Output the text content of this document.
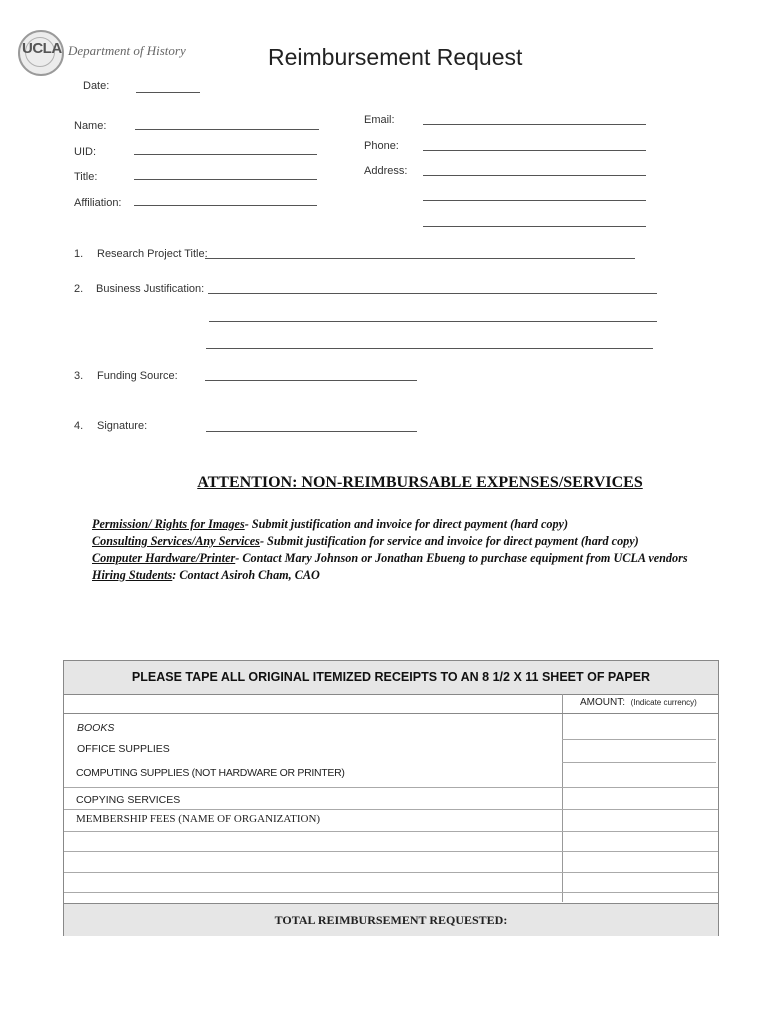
UCLA Department of History	Reimbursement Request
Date:
Name:
UID:
Title:
Affiliation:
Email:
Phone:
Address:
1. Research Project Title:
2. Business Justification:
3. Funding Source:
4. Signature:
ATTENTION: NON-REIMBURSABLE EXPENSES/SERVICES
Permission/ Rights for Images- Submit justification and invoice for direct payment (hard copy)
Consulting Services/Any Services- Submit justification for service and invoice for direct payment (hard copy)
Computer Hardware/Printer- Contact Mary Johnson or Jonathan Ebueng to purchase equipment from UCLA vendors
Hiring Students: Contact Asiroh Cham, CAO
PLEASE TAPE ALL ORIGINAL ITEMIZED RECEIPTS TO AN 8 1/2 X 11 SHEET OF PAPER
AMOUNT: (Indicate currency)
BOOKS
OFFICE SUPPLIES
COMPUTING SUPPLIES (NOT HARDWARE OR PRINTER)
COPYING SERVICES
MEMBERSHIP FEES (NAME OF ORGANIZATION)
TOTAL REIMBURSEMENT REQUESTED:
